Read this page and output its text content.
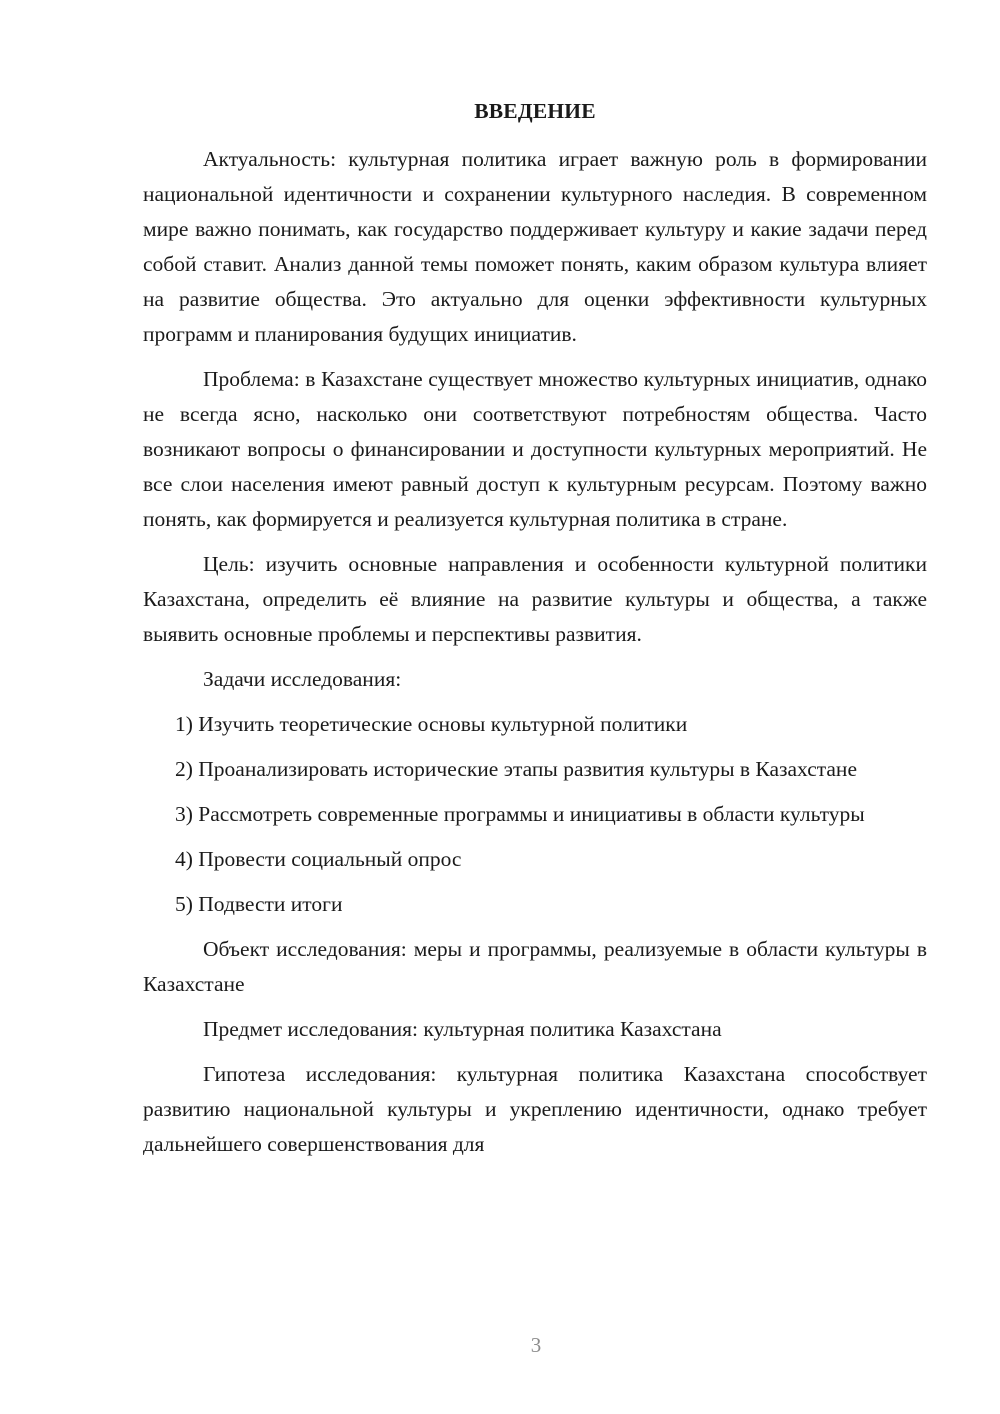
ВВЕДЕНИЕ

Актуальность: культурная политика играет важную роль в формировании национальной идентичности и сохранении культурного наследия. В современном мире важно понимать, как государство поддерживает культуру и какие задачи перед собой ставит. Анализ данной темы поможет понять, каким образом культура влияет на развитие общества. Это актуально для оценки эффективности культурных программ и планирования будущих инициатив.

Проблема: в Казахстане существует множество культурных инициатив, однако не всегда ясно, насколько они соответствуют потребностям общества. Часто возникают вопросы о финансировании и доступности культурных мероприятий. Не все слои населения имеют равный доступ к культурным ресурсам. Поэтому важно понять, как формируется и реализуется культурная политика в стране.

Цель: изучить основные направления и особенности культурной политики Казахстана, определить её влияние на развитие культуры и общества, а также выявить основные проблемы и перспективы развития.

Задачи исследования:

1) Изучить теоретические основы культурной политики

2) Проанализировать исторические этапы развития культуры в Казахстане

3) Рассмотреть современные программы и инициативы в области культуры

4) Провести социальный опрос

5) Подвести итоги

Объект исследования: меры и программы, реализуемые в области культуры в Казахстане

Предмет исследования: культурная политика Казахстана

Гипотеза исследования: культурная политика Казахстана способствует развитию национальной культуры и укреплению идентичности, однако требует дальнейшего совершенствования для

3
